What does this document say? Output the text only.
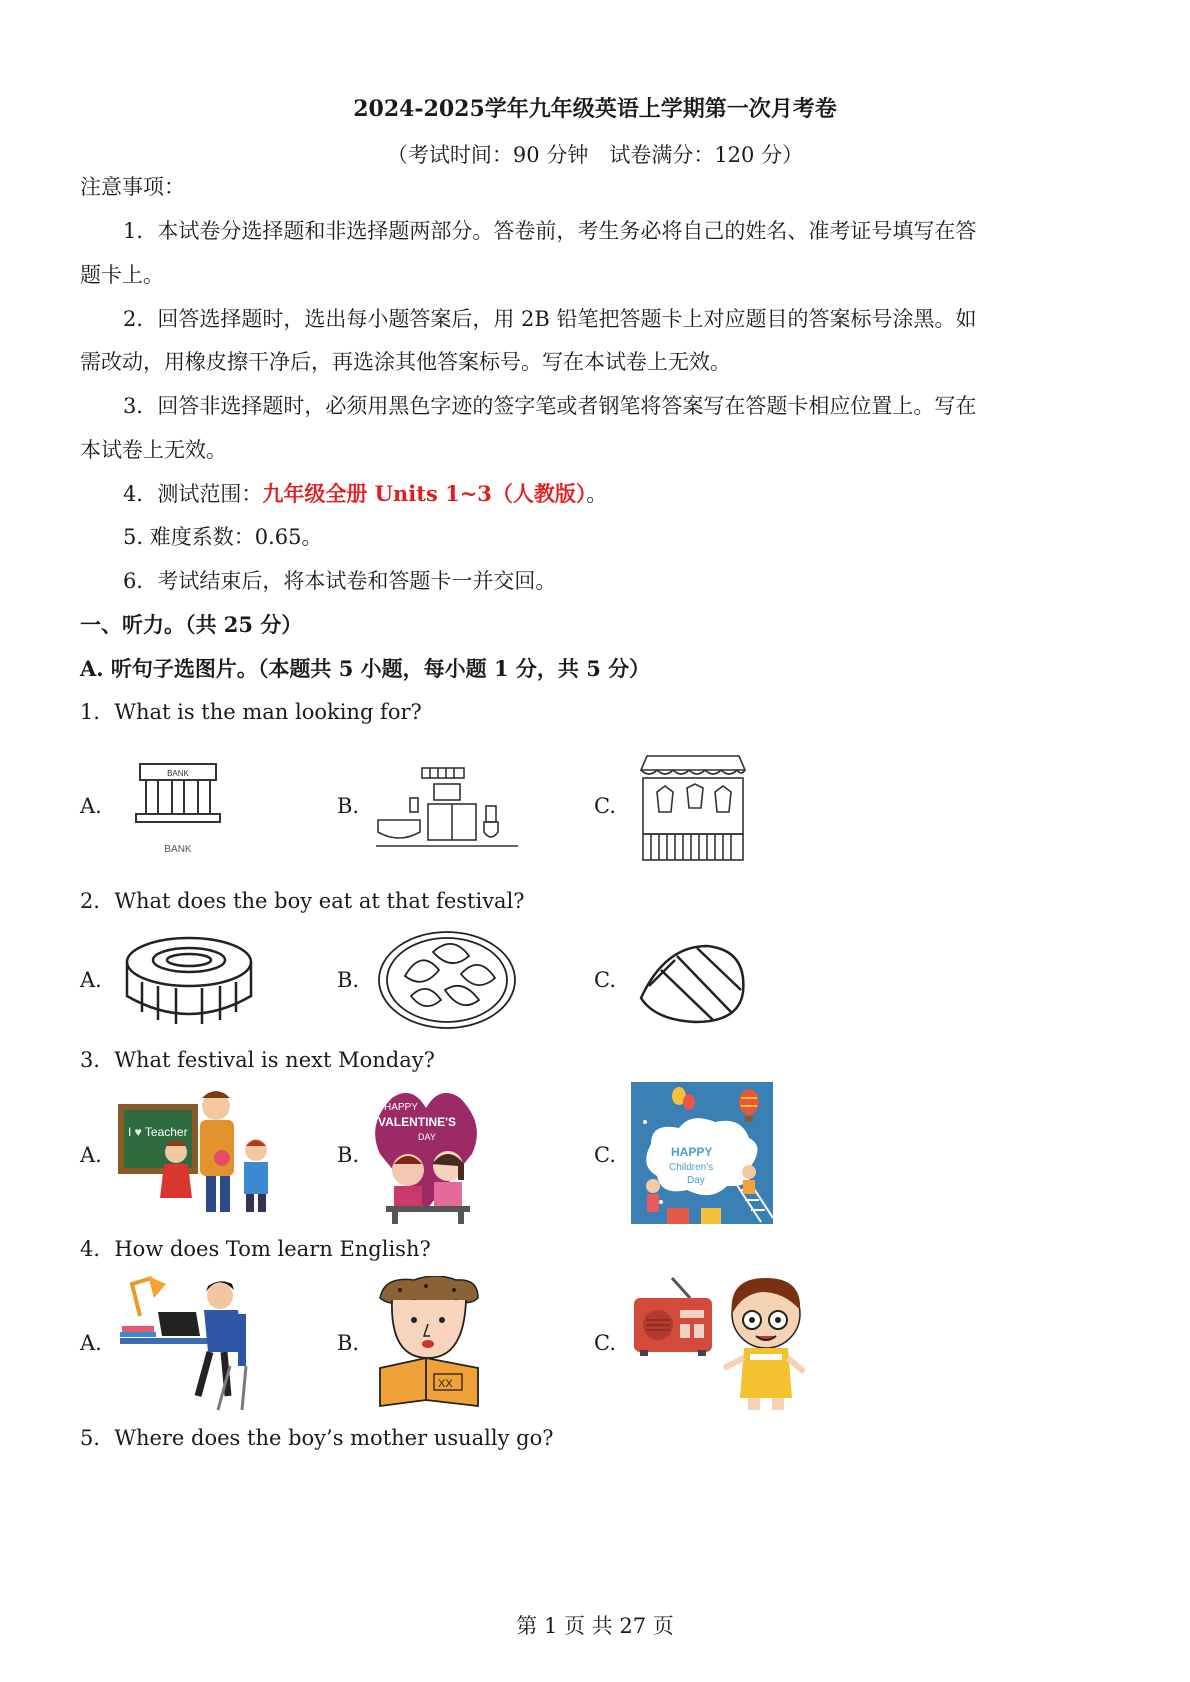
2024-2025学年九年级英语上学期第一次月考卷
（考试时间：90 分钟　试卷满分：120 分）
注意事项：
1．本试卷分选择题和非选择题两部分。答卷前，考生务必将自己的姓名、准考证号填写在答
题卡上。
2．回答选择题时，选出每小题答案后，用 2B 铅笔把答题卡上对应题目的答案标号涂黑。如
需改动，用橡皮擦干净后，再选涂其他答案标号。写在本试卷上无效。
3．回答非选择题时，必须用黑色字迹的签字笔或者钢笔将答案写在答题卡相应位置上。写在
本试卷上无效。
4．测试范围：九年级全册 Units 1~3（人教版）。
5. 难度系数：0.65。
6．考试结束后，将本试卷和答题卡一并交回。
一、听力。（共 25 分）
A. 听句子选图片。（本题共 5 小题，每小题 1 分，共 5 分）
1．What is the man looking for?
A.	B.	C.
BANK
BANK
2．What does the boy eat at that festival?
A.	B.	C.
3．What festival is next Monday?
A.	B.	C.
I ♥ Teacher
HAPPY
VALENTINE'S
DAY
HAPPY
Children's
Day
4．How does Tom learn English?
A.	B.	C.
XX
5．Where does the boy’s mother usually go?
第 1 页 共 27 页
